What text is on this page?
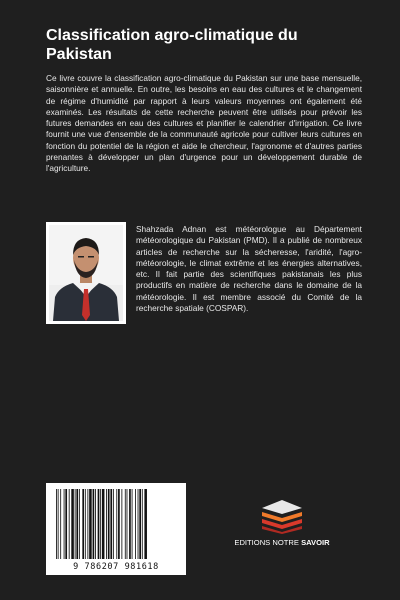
Classification agro-climatique du Pakistan

Ce livre couvre la classification agro-climatique du Pakistan sur une base mensuelle, saisonnière et annuelle. En outre, les besoins en eau des cultures et le changement de régime d'humidité par rapport à leurs valeurs moyennes ont également été examinés. Les résultats de cette recherche peuvent être utilisés pour prévoir les futures demandes en eau des cultures et planifier le calendrier d'irrigation. Ce livre fournit une vue d'ensemble de la communauté agricole pour cultiver leurs cultures en fonction du potentiel de la région et aide le chercheur, l'agronome et d'autres parties prenantes à développer un plan d'urgence pour un développement durable de l'agriculture.

Shahzada Adnan est météorologue au Département météorologique du Pakistan (PMD). Il a publié de nombreux articles de recherche sur la sécheresse, l'aridité, l'agro-météorologie, le climat extrême et les énergies alternatives, etc. Il fait partie des scientifiques pakistanais les plus productifs en matière de recherche dans le domaine de la météorologie. Il est membre associé du Comité de la recherche spatiale (COSPAR).

9 786207 981618
EDITIONS NOTRE SAVOIR
